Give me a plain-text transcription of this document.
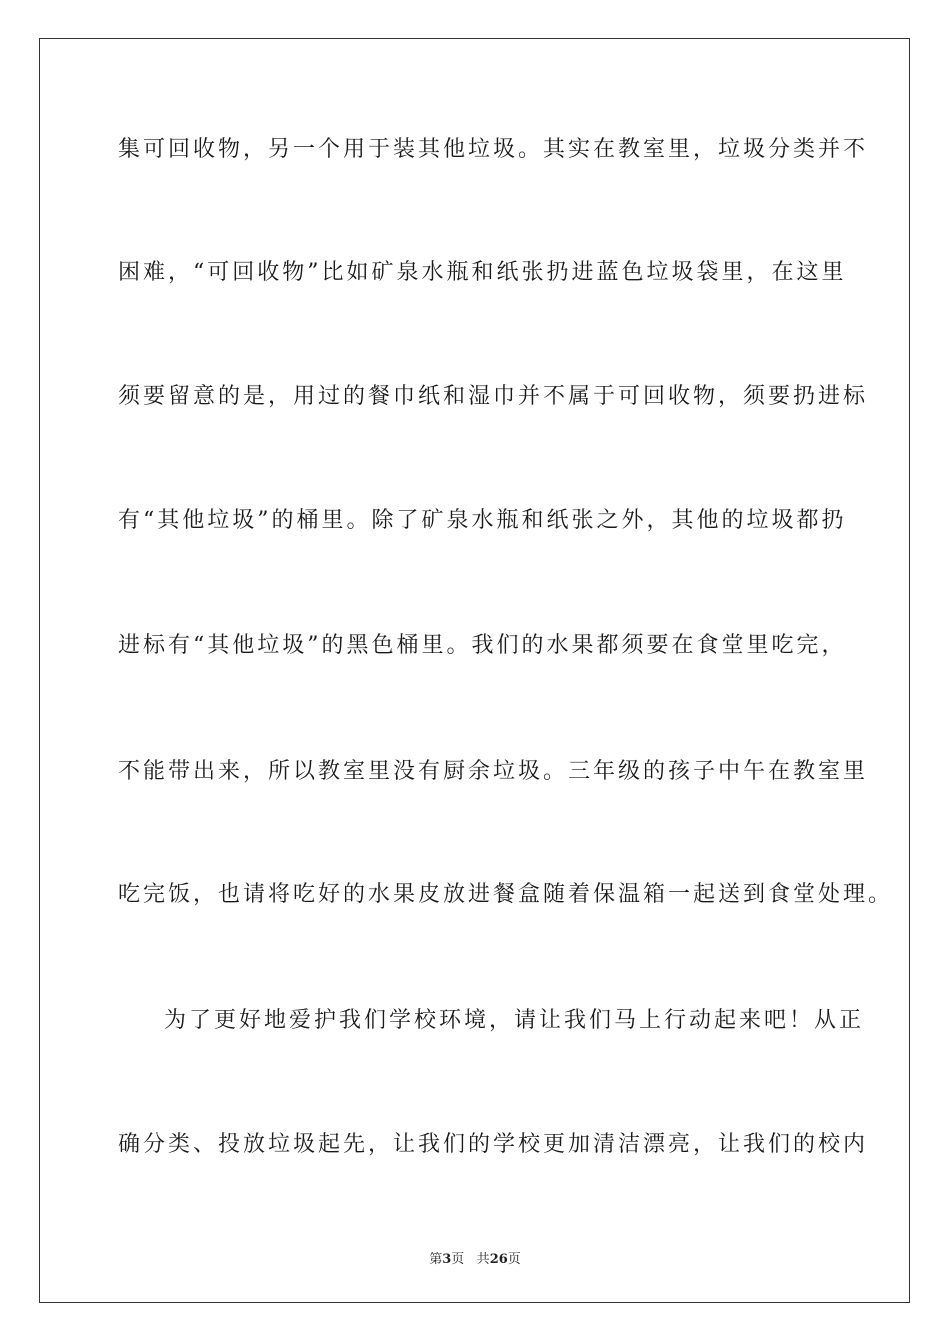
集可回收物，另一个用于装其他垃圾。其实在教室里，垃圾分类并不
困难，“可回收物”比如矿泉水瓶和纸张扔进蓝色垃圾袋里，在这里
须要留意的是，用过的餐巾纸和湿巾并不属于可回收物，须要扔进标
有“其他垃圾”的桶里。除了矿泉水瓶和纸张之外，其他的垃圾都扔
进标有“其他垃圾”的黑色桶里。我们的水果都须要在食堂里吃完，
不能带出来，所以教室里没有厨余垃圾。三年级的孩子中午在教室里
吃完饭，也请将吃好的水果皮放进餐盒随着保温箱一起送到食堂处理。
为了更好地爱护我们学校环境，请让我们马上行动起来吧！从正
确分类、投放垃圾起先，让我们的学校更加清洁漂亮，让我们的校内
第3页 共26页
